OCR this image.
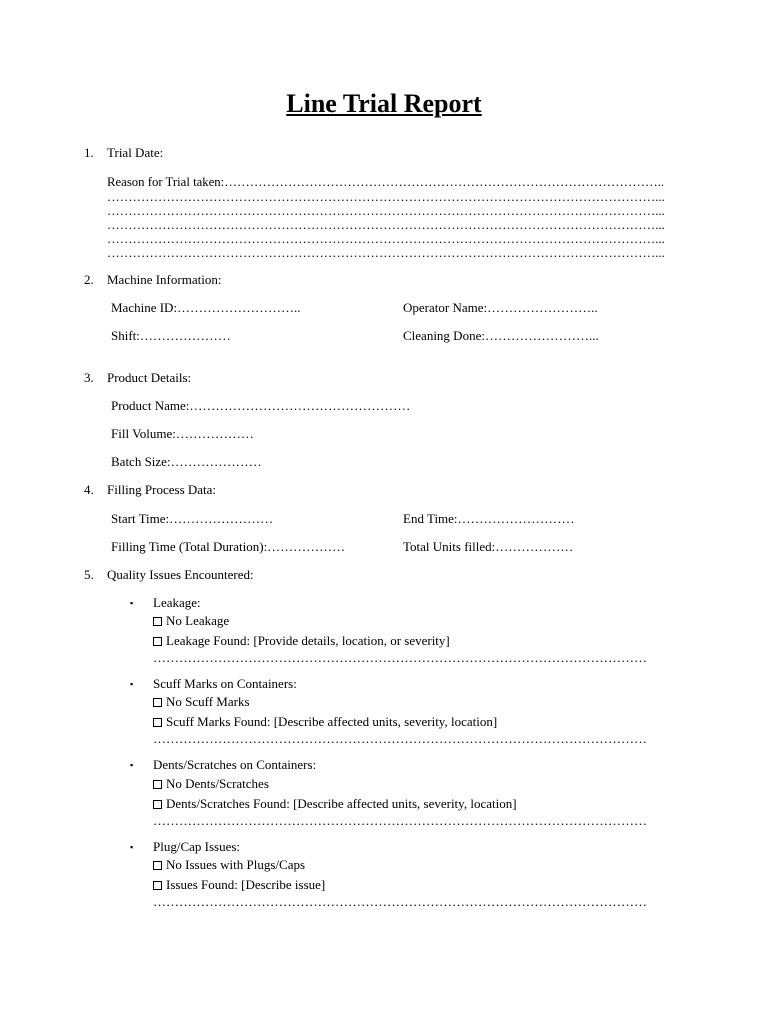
Line Trial Report
1. Trial Date:
Reason for Trial taken:…………………………………………………………………………………………..
…………………………………………………………………………………………………………………...
…………………………………………………………………………………………………………………...
…………………………………………………………………………………………………………………...
…………………………………………………………………………………………………………………...
…………………………………………………………………………………………………………………...
2. Machine Information:
Machine ID:………………………..	Operator Name:……………………..
Shift:…………………	Cleaning Done:……………………...
3. Product Details:
Product Name:……………………………………………
Fill Volume:………………
Batch Size:…………………
4. Filling Process Data:
Start Time:……………………	End Time:………………………
Filling Time (Total Duration):………………	Total Units filled:………………
5. Quality Issues Encountered:
▪ Leakage:
No Leakage
Leakage Found: [Provide details, location, or severity]
……………………………………………………………………………………………………
▪ Scuff Marks on Containers:
No Scuff Marks
Scuff Marks Found: [Describe affected units, severity, location]
……………………………………………………………………………………………………
▪ Dents/Scratches on Containers:
No Dents/Scratches
Dents/Scratches Found: [Describe affected units, severity, location]
……………………………………………………………………………………………………
▪ Plug/Cap Issues:
No Issues with Plugs/Caps
Issues Found: [Describe issue]
……………………………………………………………………………………………………
